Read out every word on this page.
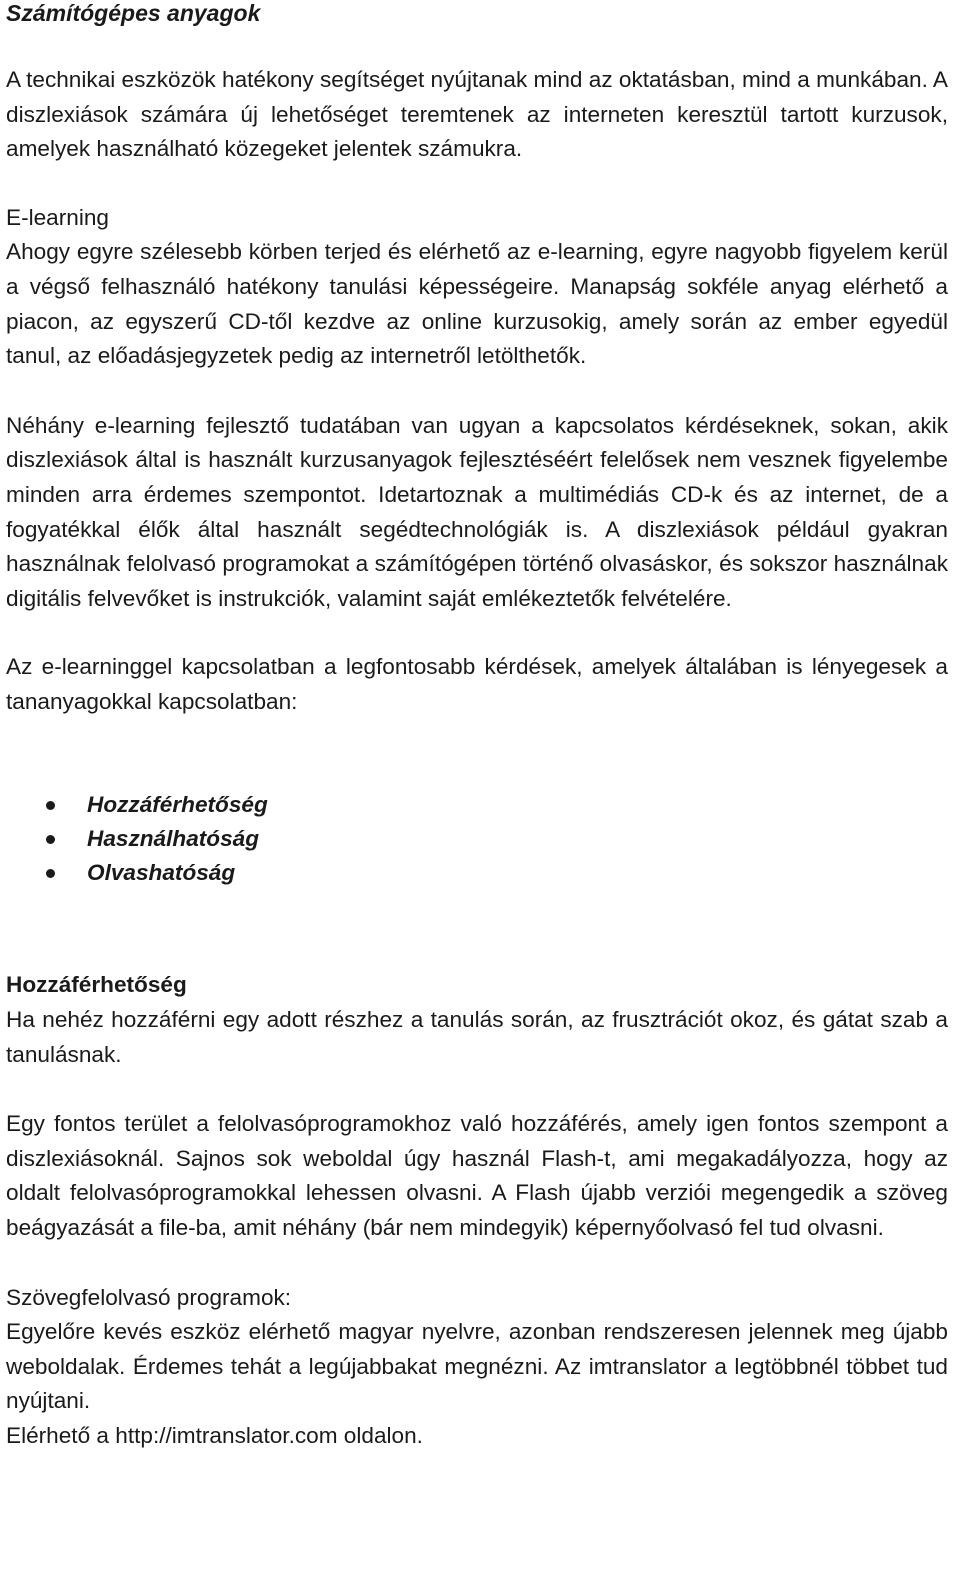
Számítógépes anyagok

A technikai eszközök hatékony segítséget nyújtanak mind az oktatásban, mind a munkában. A diszlexiások számára új lehetőséget teremtenek az interneten keresztül tartott kurzusok, amelyek használható közegeket jelentek számukra.

E-learning

Ahogy egyre szélesebb körben terjed és elérhető az e-learning, egyre nagyobb figyelem kerül a végső felhasználó hatékony tanulási képességeire. Manapság sokféle anyag elérhető a piacon, az egyszerű CD-től kezdve az online kurzusokig, amely során az ember egyedül tanul, az előadásjegyzetek pedig az internetről letölthetők.

Néhány e-learning fejlesztő tudatában van ugyan a kapcsolatos kérdéseknek, sokan, akik diszlexiások által is használt kurzusanyagok fejlesztéséért felelősek nem vesznek figyelembe minden arra érdemes szempontot. Idetartoznak a multimédiás CD-k és az internet, de a fogyatékkal élők által használt segédtechnológiák is. A diszlexiások például gyakran használnak felolvasó programokat a számítógépen történő olvasáskor, és sokszor használnak digitális felvevőket is instrukciók, valamint saját emlékeztetők felvételére.

Az e-learninggel kapcsolatban a legfontosabb kérdések, amelyek általában is lényegesek a tananyagokkal kapcsolatban:

Hozzáférhetőség
Használhatóság
Olvashatóság

Hozzáférhetőség

Ha nehéz hozzáférni egy adott részhez a tanulás során, az frusztrációt okoz, és gátat szab a tanulásnak.

Egy fontos terület a felolvasóprogramokhoz való hozzáférés, amely igen fontos szempont a diszlexiásoknál. Sajnos sok weboldal úgy használ Flash-t, ami megakadályozza, hogy az oldalt felolvasóprogramokkal lehessen olvasni. A Flash újabb verziói megengedik a szöveg beágyazását a file-ba, amit néhány (bár nem mindegyik) képernyőolvasó fel tud olvasni.

Szövegfelolvasó programok:

Egyelőre kevés eszköz elérhető magyar nyelvre, azonban rendszeresen jelennek meg újabb weboldalak. Érdemes tehát a legújabbakat megnézni. Az imtranslator a legtöbbnél többet tud nyújtani.

Elérhető a http://imtranslator.com oldalon.
